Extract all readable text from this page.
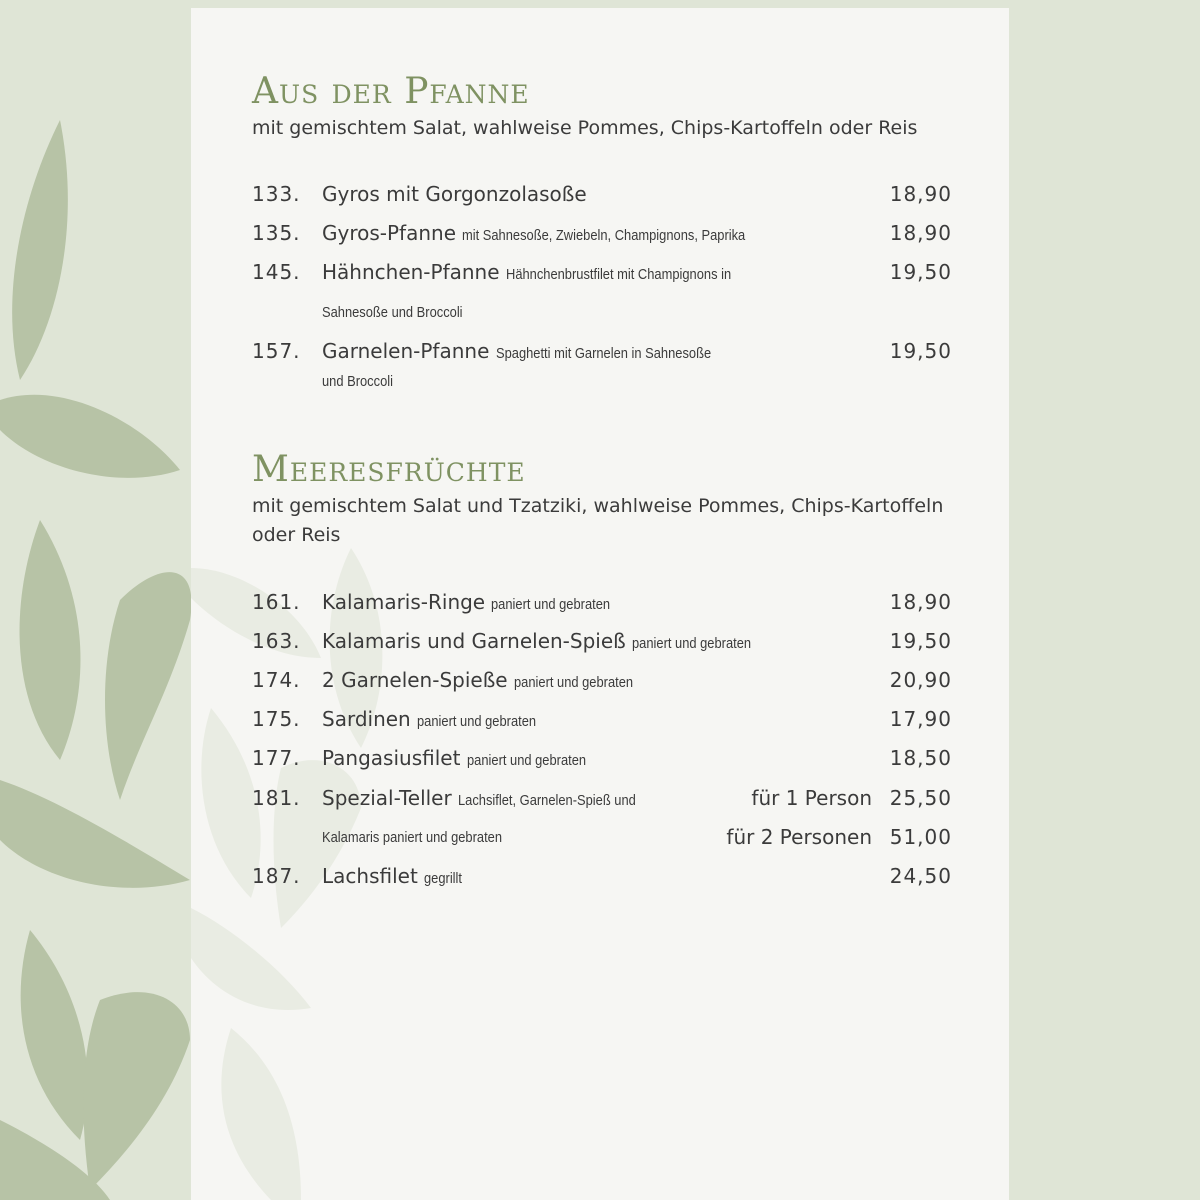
Aus der Pfanne
mit gemischtem Salat, wahlweise Pommes, Chips-Kartoffeln oder Reis
133. Gyros mit Gorgonzolasoße	18,90
135. Gyros-Pfanne mit Sahnesoße, Zwiebeln, Champignons, Paprika	18,90
145. Hähnchen-Pfanne Hähnchenbrustfilet mit Champignons in	19,50
Sahnesoße und Broccoli
157. Garnelen-Pfanne Spaghetti mit Garnelen in Sahnesoße	19,50
und Broccoli
Meeresfrüchte
mit gemischtem Salat und Tzatziki, wahlweise Pommes, Chips-Kartoffeln oder Reis
161. Kalamaris-Ringe paniert und gebraten	18,90
163. Kalamaris und Garnelen-Spieß paniert und gebraten	19,50
174. 2 Garnelen-Spieße paniert und gebraten	20,90
175. Sardinen paniert und gebraten	17,90
177. Pangasiusfilet paniert und gebraten	18,50
181. Spezial-Teller Lachsiflet, Garnelen-Spieß und	für 1 Person 25,50
Kalamaris paniert und gebraten	für 2 Personen 51,00
187. Lachsfilet gegrillt	24,50
